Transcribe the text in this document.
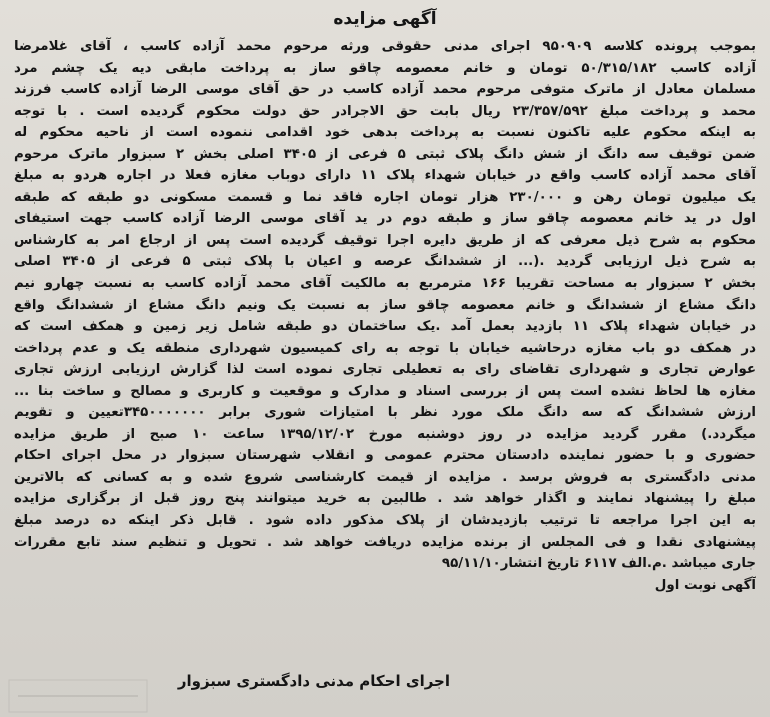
آگهی مزایده
بموجب پرونده کلاسه ۹۵۰۹۰۹ اجرای مدنی حقوقی ورثه مرحوم محمد آزاده کاسب ، آقای غلامرضا
آزاده کاسب ۵۰/۳۱۵/۱۸۲ تومان و خانم معصومه چاقو ساز به پرداخت مابقی دیه یک چشم مرد
مسلمان معادل از ماترک متوفی مرحوم محمد آزاده کاسب در حق آقای موسی الرضا آزاده کاسب فرزند
محمد و پرداخت مبلغ ۲۳/۳۵۷/۵۹۲ ریال بابت حق الاجرادر حق دولت محکوم گردیده است . با توجه
به اینکه محکوم علیه تاکنون نسبت به پرداخت بدهی خود اقدامی ننموده است از ناحیه محکوم له
ضمن توقیف سه دانگ از شش دانگ پلاک ثبتی ۵ فرعی از ۳۴۰۵ اصلی بخش ۲ سبزوار ماترک مرحوم
آقای محمد آزاده کاسب واقع در خیابان شهداء پلاک ۱۱ دارای دوباب مغازه فعلا در اجاره هردو به مبلغ
یک میلیون تومان رهن و ۲۳۰/۰۰۰ هزار تومان اجاره فاقد نما و قسمت مسکونی دو طبقه که طبقه
اول در ید خانم معصومه چاقو ساز و طبقه دوم در ید آقای موسی الرضا آزاده کاسب جهت استیفای
محکوم به شرح ذیل معرفی که از طریق دایره اجرا توقیف گردیده است پس از ارجاع امر به کارشناس
به شرح ذیل ارزیابی گردید .(... از ششدانگ عرصه و اعیان با پلاک ثبتی ۵ فرعی از ۳۴۰۵ اصلی
بخش ۲ سبزوار به مساحت تقریبا ۱۶۶ مترمربع به مالکیت آقای محمد آزاده کاسب به نسبت چهارو نیم
دانگ مشاع از ششدانگ و خانم معصومه چاقو ساز به نسبت یک ونیم دانگ مشاع از ششدانگ واقع
در خیابان شهداء پلاک ۱۱ بازدید بعمل آمد .یک ساختمان دو طبقه شامل زیر زمین و همکف است که
در همکف دو باب مغازه درحاشیه خیابان با توجه به رای کمیسیون شهرداری منطقه یک و عدم پرداخت
عوارض تجاری و شهرداری تقاضای رای به تعطیلی تجاری نموده است لذا گزارش ارزیابی ارزش تجاری
مغازه ها لحاظ نشده است پس از بررسی اسناد و مدارک و موقعیت و کاربری و مصالح و ساخت بنا ...
ارزش ششدانگ که سه دانگ ملک مورد نظر با امتیازات شوری برابر ۳۴۵۰۰۰۰۰۰۰تعیین و تقویم
میگردد.) مقرر گردید مزایده در روز دوشنبه مورخ ۱۳۹۵/۱۲/۰۲ ساعت ۱۰ صبح از طریق مزایده
حضوری و با حضور نماینده دادستان محترم عمومی و انقلاب شهرستان سبزوار در محل اجرای احکام
مدنی دادگستری به فروش برسد . مزایده از قیمت کارشناسی شروع شده و به کسانی که بالاترین
مبلغ را پیشنهاد نمایند و اگذار خواهد شد . طالبین به خرید میتوانند پنج روز قبل از برگزاری مزایده
به این اجرا مراجعه تا ترتیب بازدیدشان از پلاک مذکور داده شود . قابل ذکر اینکه ده درصد مبلغ
پیشنهادی نقدا و فی المجلس از برنده مزایده دریافت خواهد شد . تحویل و تنظیم سند تابع مقررات
جاری میباشد .م.الف ۶۱۱۷ تاریخ انتشار۹۵/۱۱/۱۰
آگهی نوبت اول
اجرای احکام مدنی دادگستری سبزوار
